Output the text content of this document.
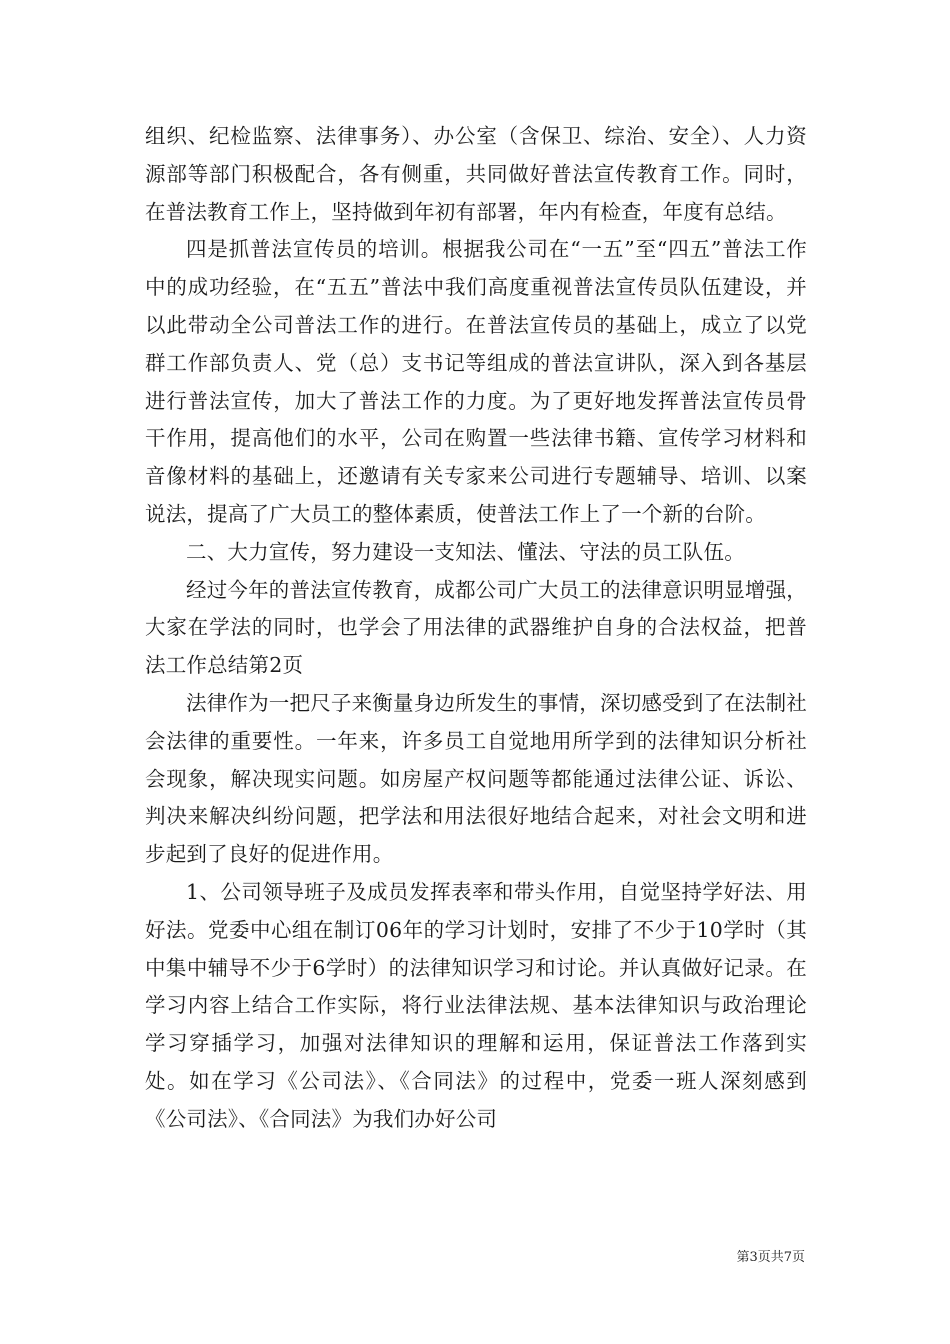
组织、纪检监察、法律事务）、办公室（含保卫、综治、安全）、人力资源部等部门积极配合，各有侧重，共同做好普法宣传教育工作。同时，在普法教育工作上，坚持做到年初有部署，年内有检查，年度有总结。

四是抓普法宣传员的培训。根据我公司在“一五”至“四五”普法工作中的成功经验，在“五五”普法中我们高度重视普法宣传员队伍建设，并以此带动全公司普法工作的进行。在普法宣传员的基础上，成立了以党群工作部负责人、党（总）支书记等组成的普法宣讲队，深入到各基层进行普法宣传，加大了普法工作的力度。为了更好地发挥普法宣传员骨干作用，提高他们的水平，公司在购置一些法律书籍、宣传学习材料和音像材料的基础上，还邀请有关专家来公司进行专题辅导、培训、以案说法，提高了广大员工的整体素质，使普法工作上了一个新的台阶。

二、大力宣传，努力建设一支知法、懂法、守法的员工队伍。

经过今年的普法宣传教育，成都公司广大员工的法律意识明显增强，大家在学法的同时，也学会了用法律的武器维护自身的合法权益，把普法工作总结第2页

法律作为一把尺子来衡量身边所发生的事情，深切感受到了在法制社会法律的重要性。一年来，许多员工自觉地用所学到的法律知识分析社会现象，解决现实问题。如房屋产权问题等都能通过法律公证、诉讼、判决来解决纠纷问题，把学法和用法很好地结合起来，对社会文明和进步起到了良好的促进作用。

1、公司领导班子及成员发挥表率和带头作用，自觉坚持学好法、用好法。党委中心组在制订06年的学习计划时，安排了不少于10学时（其中集中辅导不少于6学时）的法律知识学习和讨论。并认真做好记录。在学习内容上结合工作实际，将行业法律法规、基本法律知识与政治理论学习穿插学习，加强对法律知识的理解和运用，保证普法工作落到实处。如在学习《公司法》、《合同法》的过程中，党委一班人深刻感到《公司法》、《合同法》为我们办好公司

第3页共7页
